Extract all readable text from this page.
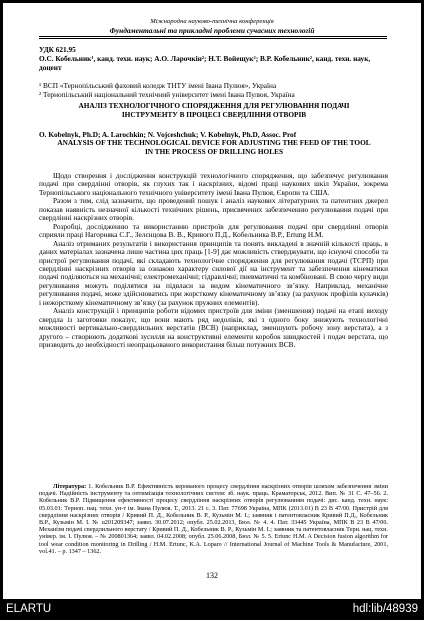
Міжнародна науково-технічна конференція
Фундаментальні та прикладні проблеми сучасних технологій
УДК 621.95
О.С. Кобельник¹, канд. техн. наук; А.О. Ларочкін²; Н.Т. Войещук²; В.Р. Кобельник², канд. техн. наук, доцент
¹ ВСП «Тернопільський фаховий коледж ТНТУ імені Івана Пулюя», Україна
² Тернопільський національний технічний університет імені Івана Пулюя, Україна
АНАЛІЗ ТЕХНОЛОГІЧНОГО СПОРЯДЖЕННЯ ДЛЯ РЕГУЛЮВАННЯ ПОДАЧІ ІНСТРУМЕНТУ В ПРОЦЕСІ СВЕРДЛІННЯ ОТВОРІВ
O. Kobelnyk, Ph.D; A. Larochkin; N. Vojceshchuk; V. Kobelnyk, Ph.D, Assoc. Prof
ANALYSIS OF THE TECHNOLOGICAL DEVICE FOR ADJUSTING THE FEED OF THE TOOL IN THE PROCESS OF DRILLING HOLES

Щодо створення і дослідження конструкцій технологічного спорядження, що забезпечує регулювання подачі при свердлінні отворів, як глухих так і наскрізних, відомі праці наукових шкіл України, зокрема Тернопільського національного технічного університету імені Івана Пулюя, Європи та США.

Разом з тим, слід зазначити, що проведений пошук і аналіз наукових літературних та патентних джерел показав наявність незначної кількості технічних рішень, присвячених забезпеченню регулювання подачі при свердлінні наскрізних отворів.

Розробці, дослідженню та використанню пристроїв для регулювання подачі при свердлінні отворів сприяли праці Нагорняка С.Г., Зелєнцова В. В., Кривого П.Д., Кобельника В.Р., Ertung H.M.

Аналіз отриманих результатів і використання принципів та понять викладені в значній кількості праць, в даних матеріалах зазначена лише частина цих праць [1-9] дає можливість стверджувати, що існуючі способи та пристрої регулювання подачі, які складають технологічне спорядження для регулювання подачі (ТСРП) при свердлінні наскрізних отворів за ознакою характеру силової дії на інструмент та забезпечення кінематики подачі поділяються на механічні; електромеханічні; гідравлічні; пневматичні та комбіновані. В свою чергу види регулювання можуть поділятися на підвласи за видом кінематичного зв’язку. Наприклад, механічне регулювання подачі, може здійснюватись при жорсткому кінематичному зв’язку (за рахунок профілів кулачків) і нежорсткому кінематичному зв’язку (за рахунок пружних елементів).

Аналіз конструкцій і принципів роботи відомих пристроїв для зміни (зменшення) подачі на етапі виходу свердла із заготовки показує, що вони мають ряд недоліків, які з одного боку знижують технологічні можливості вертикально-свердлильних верстатів (ВСВ) (наприклад, зменшують робочу зону верстата), а з другого – створюють додаткові зусилля на конструктивні елементи коробок швидкостей і подач верстата, що призводить до необхідності неопрацьованого використання більш потужних ВСВ.

Література: 1. Кобельник В.Р. Ефективність керованого процесу свердління наскрізних отворів шляхом забезпечення зміни подачі. Надійність інструменту та оптимізація технологічних систем: зб. наук. праць. Краматорськ, 2012. Вип. № 31 С. 47–56. 2. Кобельник В.Р. Підвищення ефективності процесу свердління наскрізних отворів регулюванням подачі: дис. канд. техн. наук: 05.03.01: Терноп. нац. техн. ун-т ім. Івана Пулюя. Т., 2013. 21 с. 3. Пат. 77698 Україна, МПК (2013.01) B 23 B 47/00. Пристрій для свердління наскрізних отворів / Кривий П. Д., Кобельник В. Р., Кузьмін М. І.; заявник і патентовласник Кривий П.Д., Кобельник В.Р., Кузьмін М. І. № u201209347; заявл. 30.07.2012; опубл. 25.02.2013, Бюл. № 4. 4. Пат. 33445 Україна, МПК В 23 В 47/00. Механізм подачі свердлильного верстату / Кривий П. Д., Кобельник В. Р., Кузьмін М. І.; заявник та патентовласник Терн. нац. техн. універ. ім. І. Пулюя. – № 200801364; заявл. 04.02.2008; опубл. 25.06.2008, Бюл. № 5. 5. Ertunc H.M. A Decision fusion algorithm for tool wear condition monitoring in Drilling / H.M. Ertunc, K.A. Loparo // International Journal of Machine Tools & Manufacture, 2001, vol.41. – p. 1347 – 1362.
132
ELARTU	hdl:lib/48939
